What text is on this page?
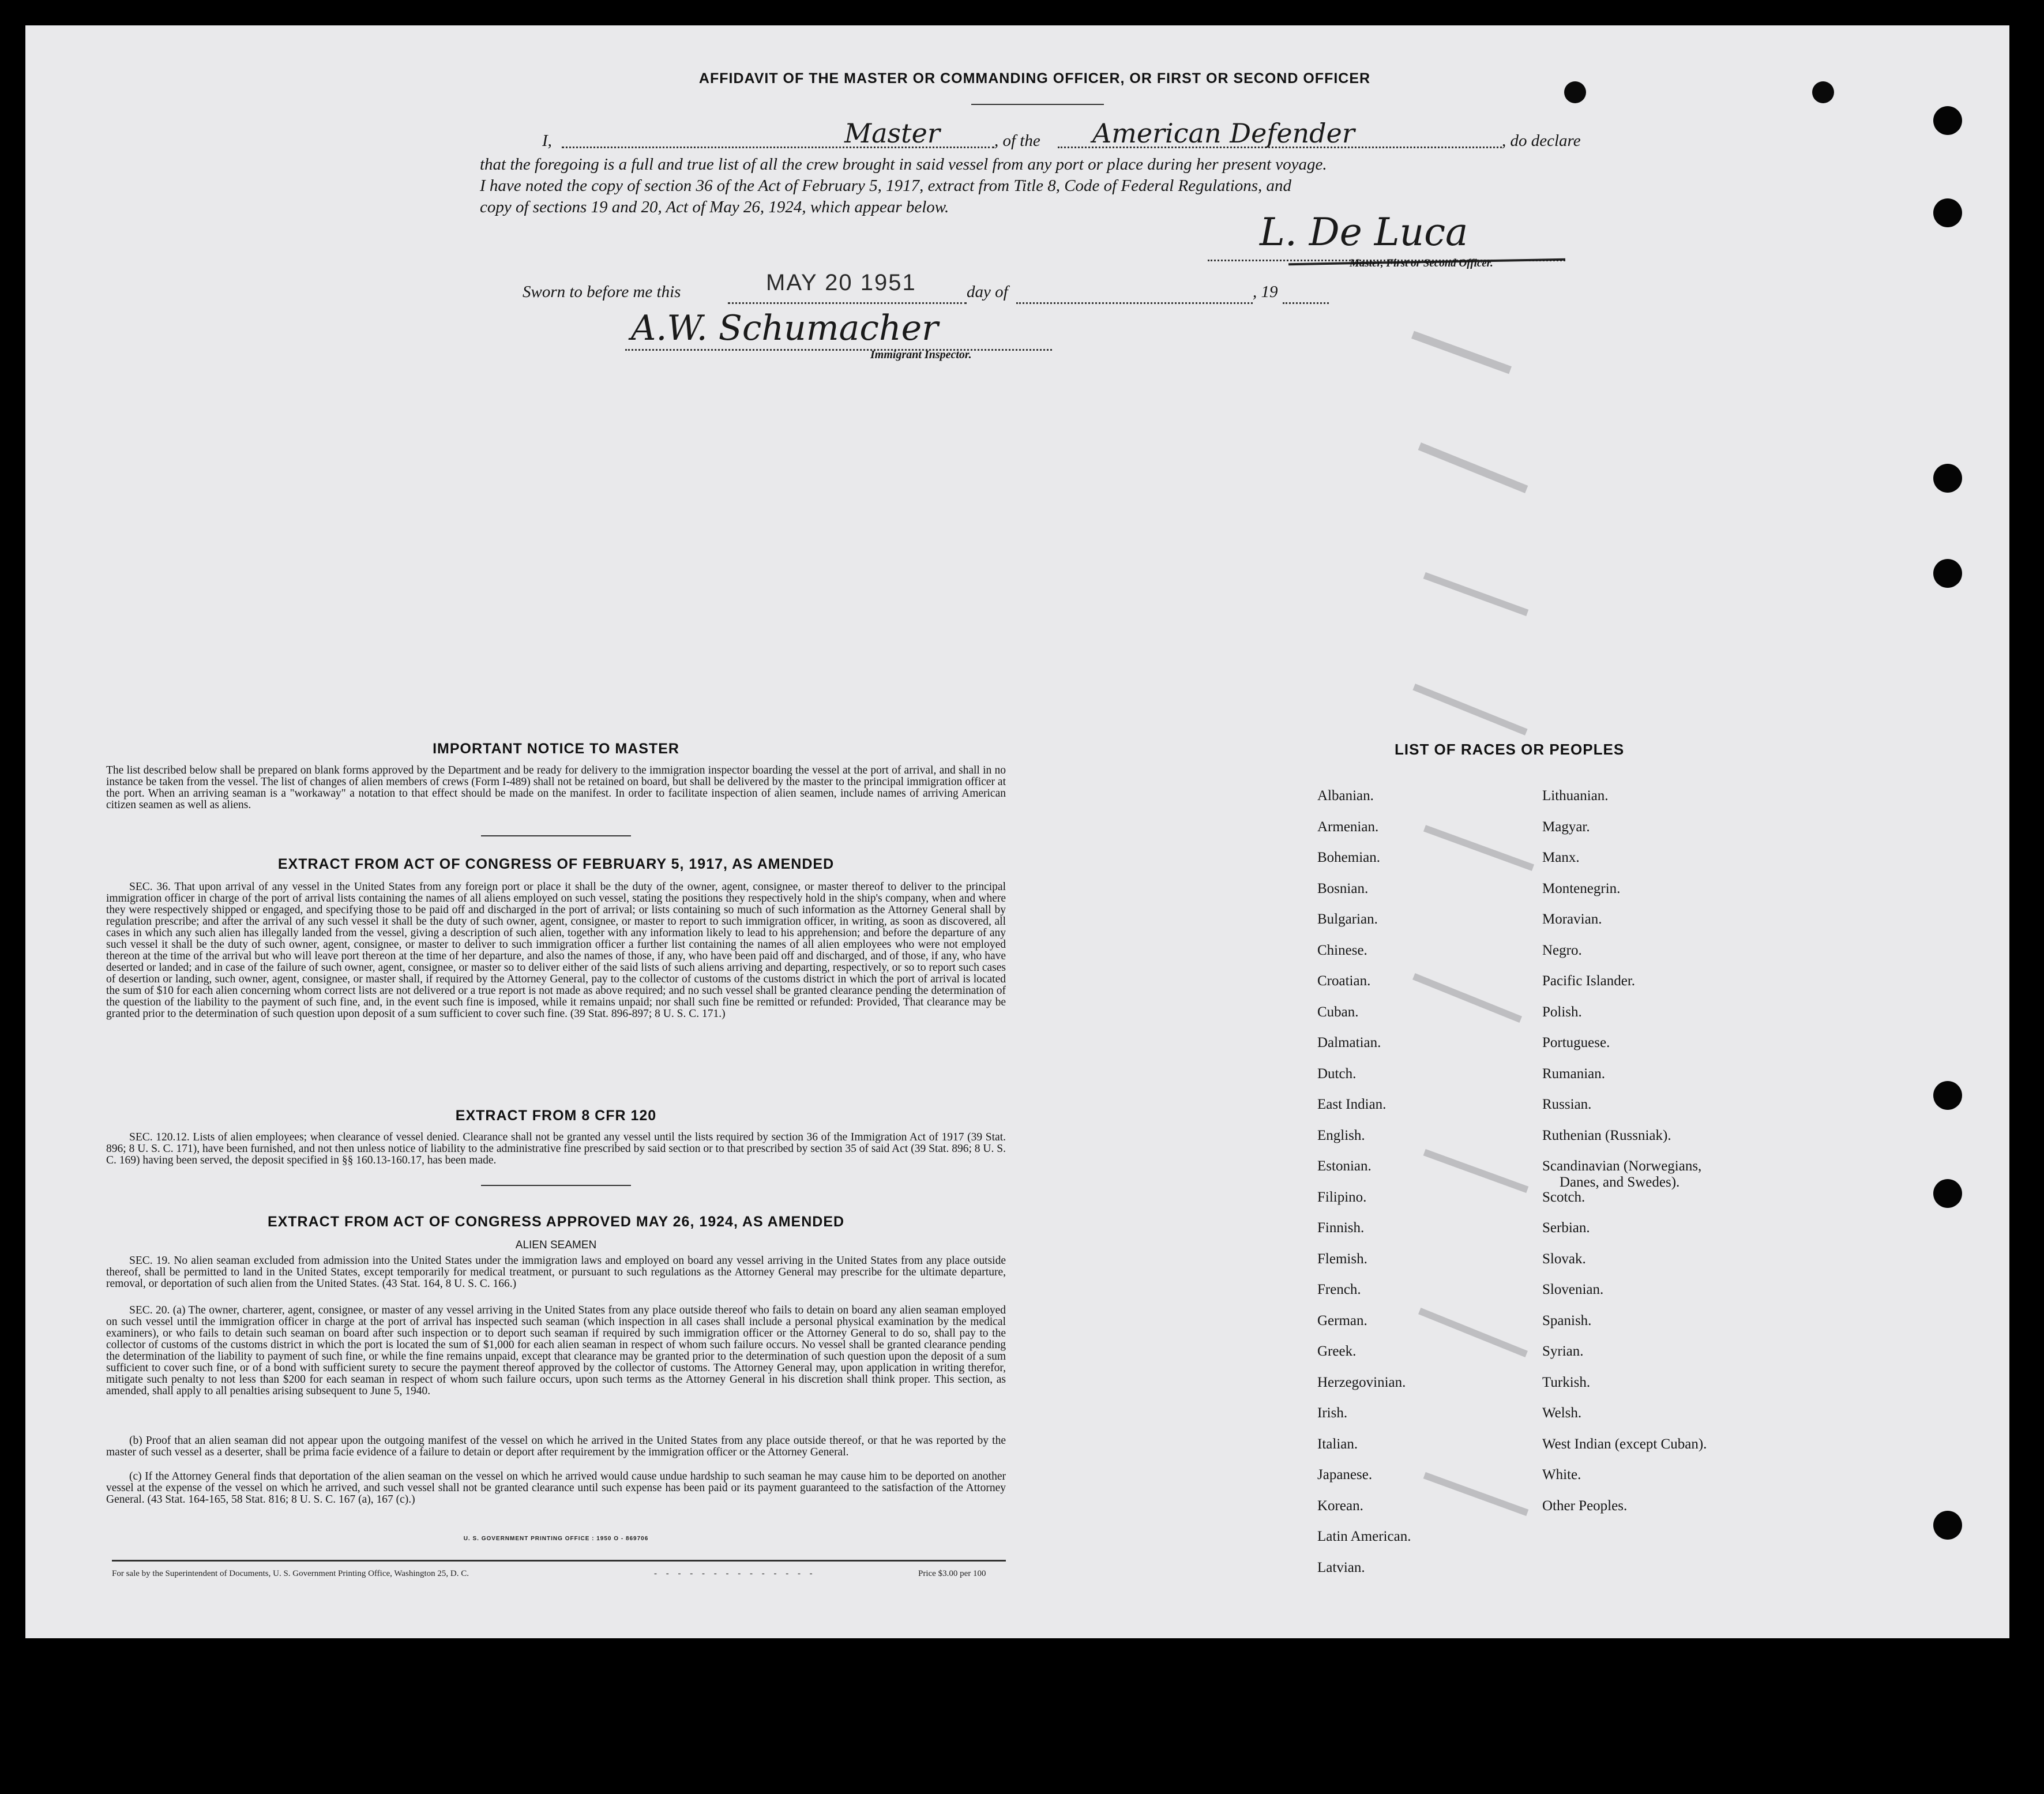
AFFIDAVIT OF THE MASTER OR COMMANDING OFFICER, OR FIRST OR SECOND OFFICER
I,	Master	, of the American Defender	, do declare
that the foregoing is a full and true list of all the crew brought in said vessel from any port or place during her present voyage.
I have noted the copy of section 36 of the Act of February 5, 1917, extract from Title 8, Code of Federal Regulations, and
copy of sections 19 and 20, Act of May 26, 1924, which appear below.
L. De Luca
Master, First or Second Officer.
Sworn to before me this	MAY 20 1951	day of	, 19
A.W. Schumacher
Immigrant Inspector.
IMPORTANT NOTICE TO MASTER
The list described below shall be prepared on blank forms approved by the Department and be ready for delivery to the immigration inspector boarding the vessel at the port of arrival, and shall in no instance be taken from the vessel. The list of changes of alien members of crews (Form I-489) shall not be retained on board, but shall be delivered by the master to the principal immigration officer at the port. When an arriving seaman is a "workaway" a notation to that effect should be made on the manifest. In order to facilitate inspection of alien seamen, include names of arriving American citizen seamen as well as aliens.
EXTRACT FROM ACT OF CONGRESS OF FEBRUARY 5, 1917, AS AMENDED
SEC. 36. That upon arrival of any vessel in the United States from any foreign port or place it shall be the duty of the owner, agent, consignee, or master thereof to deliver to the principal immigration officer in charge of the port of arrival lists containing the names of all aliens employed on such vessel, stating the positions they respectively hold in the ship's company, when and where they were respectively shipped or engaged, and specifying those to be paid off and discharged in the port of arrival; or lists containing so much of such information as the Attorney General shall by regulation prescribe; and after the arrival of any such vessel it shall be the duty of such owner, agent, consignee, or master to report to such immigration officer, in writing, as soon as discovered, all cases in which any such alien has illegally landed from the vessel, giving a description of such alien, together with any information likely to lead to his apprehension; and before the departure of any such vessel it shall be the duty of such owner, agent, consignee, or master to deliver to such immigration officer a further list containing the names of all alien employees who were not employed thereon at the time of the arrival but who will leave port thereon at the time of her departure, and also the names of those, if any, who have been paid off and discharged, and of those, if any, who have deserted or landed; and in case of the failure of such owner, agent, consignee, or master so to deliver either of the said lists of such aliens arriving and departing, respectively, or so to report such cases of desertion or landing, such owner, agent, consignee, or master shall, if required by the Attorney General, pay to the collector of customs of the customs district in which the port of arrival is located the sum of $10 for each alien concerning whom correct lists are not delivered or a true report is not made as above required; and no such vessel shall be granted clearance pending the determination of the question of the liability to the payment of such fine, and, in the event such fine is imposed, while it remains unpaid; nor shall such fine be remitted or refunded: Provided, That clearance may be granted prior to the determination of such question upon deposit of a sum sufficient to cover such fine. (39 Stat. 896-897; 8 U. S. C. 171.)
EXTRACT FROM 8 CFR 120
SEC. 120.12. Lists of alien employees; when clearance of vessel denied. Clearance shall not be granted any vessel until the lists required by section 36 of the Immigration Act of 1917 (39 Stat. 896; 8 U. S. C. 171), have been furnished, and not then unless notice of liability to the administrative fine prescribed by said section or to that prescribed by section 35 of said Act (39 Stat. 896; 8 U. S. C. 169) having been served, the deposit specified in §§ 160.13-160.17, has been made.
EXTRACT FROM ACT OF CONGRESS APPROVED MAY 26, 1924, AS AMENDED
ALIEN SEAMEN
SEC. 19. No alien seaman excluded from admission into the United States under the immigration laws and employed on board any vessel arriving in the United States from any place outside thereof, shall be permitted to land in the United States, except temporarily for medical treatment, or pursuant to such regulations as the Attorney General may prescribe for the ultimate departure, removal, or deportation of such alien from the United States. (43 Stat. 164, 8 U. S. C. 166.)
SEC. 20. (a) The owner, charterer, agent, consignee, or master of any vessel arriving in the United States from any place outside thereof who fails to detain on board any alien seaman employed on such vessel until the immigration officer in charge at the port of arrival has inspected such seaman (which inspection in all cases shall include a personal physical examination by the medical examiners), or who fails to detain such seaman on board after such inspection or to deport such seaman if required by such immigration officer or the Attorney General to do so, shall pay to the collector of customs of the customs district in which the port is located the sum of $1,000 for each alien seaman in respect of whom such failure occurs. No vessel shall be granted clearance pending the determination of the liability to payment of such fine, or while the fine remains unpaid, except that clearance may be granted prior to the determination of such question upon the deposit of a sum sufficient to cover such fine, or of a bond with sufficient surety to secure the payment thereof approved by the collector of customs. The Attorney General may, upon application in writing therefor, mitigate such penalty to not less than $200 for each seaman in respect of whom such failure occurs, upon such terms as the Attorney General in his discretion shall think proper. This section, as amended, shall apply to all penalties arising subsequent to June 5, 1940.
(b) Proof that an alien seaman did not appear upon the outgoing manifest of the vessel on which he arrived in the United States from any place outside thereof, or that he was reported by the master of such vessel as a deserter, shall be prima facie evidence of a failure to detain or deport after requirement by the immigration officer or the Attorney General.
(c) If the Attorney General finds that deportation of the alien seaman on the vessel on which he arrived would cause undue hardship to such seaman he may cause him to be deported on another vessel at the expense of the vessel on which he arrived, and such vessel shall not be granted clearance until such expense has been paid or its payment guaranteed to the satisfaction of the Attorney General. (43 Stat. 164-165, 58 Stat. 816; 8 U. S. C. 167 (a), 167 (c).)
U. S. GOVERNMENT PRINTING OFFICE : 1950 O - 869706
For sale by the Superintendent of Documents, U. S. Government Printing Office, Washington 25, D. C.	- - - - - - - - - - - - - -	Price $3.00 per 100
LIST OF RACES OR PEOPLES
Albanian.
Armenian.
Bohemian.
Bosnian.
Bulgarian.
Chinese.
Croatian.
Cuban.
Dalmatian.
Dutch.
East Indian.
English.
Estonian.
Filipino.
Finnish.
Flemish.
French.
German.
Greek.
Herzegovinian.
Irish.
Italian.
Japanese.
Korean.
Latin American.
Latvian.
Lithuanian.
Magyar.
Manx.
Montenegrin.
Moravian.
Negro.
Pacific Islander.
Polish.
Portuguese.
Rumanian.
Russian.
Ruthenian (Russniak).
Scandinavian (Norwegians,
Danes, and Swedes).
Scotch.
Serbian.
Slovak.
Slovenian.
Spanish.
Syrian.
Turkish.
Welsh.
West Indian (except Cuban).
White.
Other Peoples.
